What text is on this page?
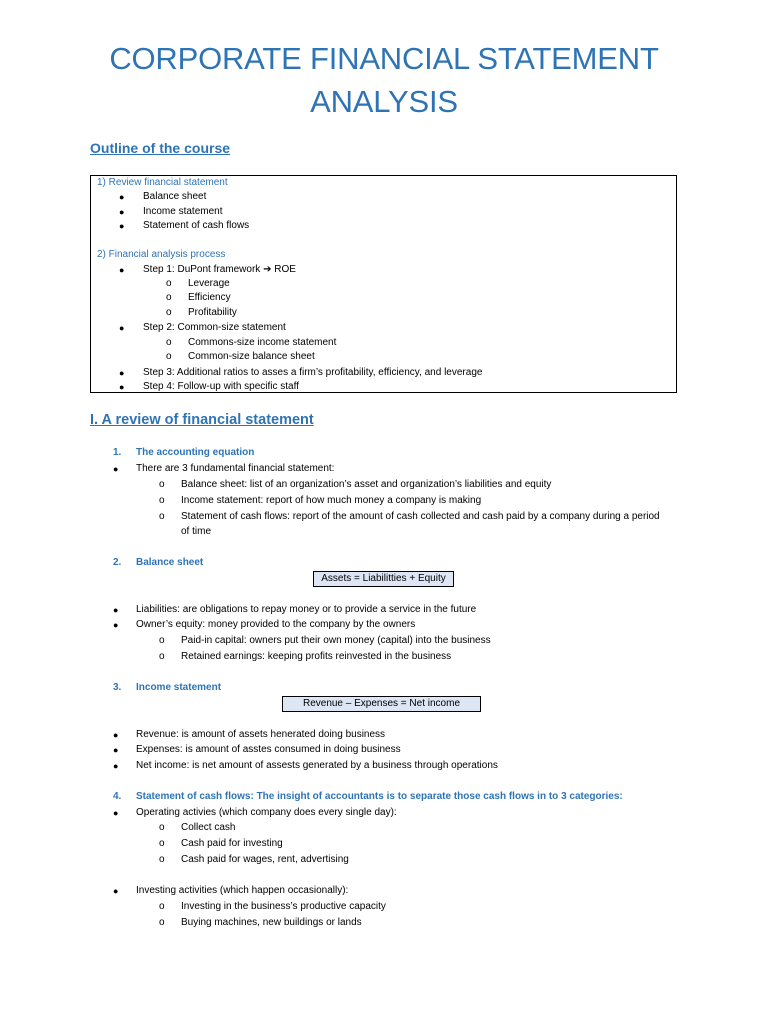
CORPORATE FINANCIAL STATEMENT
ANALYSIS
Outline of the course
1) Review financial statement
● Balance sheet
● Income statement
● Statement of cash flows
2) Financial analysis process
● Step 1: DuPont framework ➔ ROE
o Leverage
o Efficiency
o Profitability
● Step 2: Common-size statement
o Commons-size income statement
o Common-size balance sheet
● Step 3: Additional ratios to asses a firm’s profitability, efficiency, and leverage
● Step 4: Follow-up with specific staff
I. A review of financial statement
1. The accounting equation
● There are 3 fundamental financial statement:
o Balance sheet: list of an organization’s asset and organization’s liabilities and equity
o Income statement: report of how much money a company is making
o Statement of cash flows: report of the amount of cash collected and cash paid by a company during a period
of time
2. Balance sheet
Assets = Liabilitties + Equity
● Liabilities: are obligations to repay money or to provide a service in the future
● Owner’s equity: money provided to the company by the owners
o Paid-in capital: owners put their own money (capital) into the business
o Retained earnings: keeping profits reinvested in the business
3. Income statement
Revenue – Expenses = Net income
● Revenue: is amount of assets henerated doing business
● Expenses: is amount of asstes consumed in doing business
● Net income: is net amount of assests generated by a business through operations
4. Statement of cash flows: The insight of accountants is to separate those cash flows in to 3 categories:
● Operating activies (which company does every single day):
o Collect cash
o Cash paid for investing
o Cash paid for wages, rent, advertising
● Investing activities (which happen occasionally):
o Investing in the business’s productive capacity
o Buying machines, new buildings or lands
